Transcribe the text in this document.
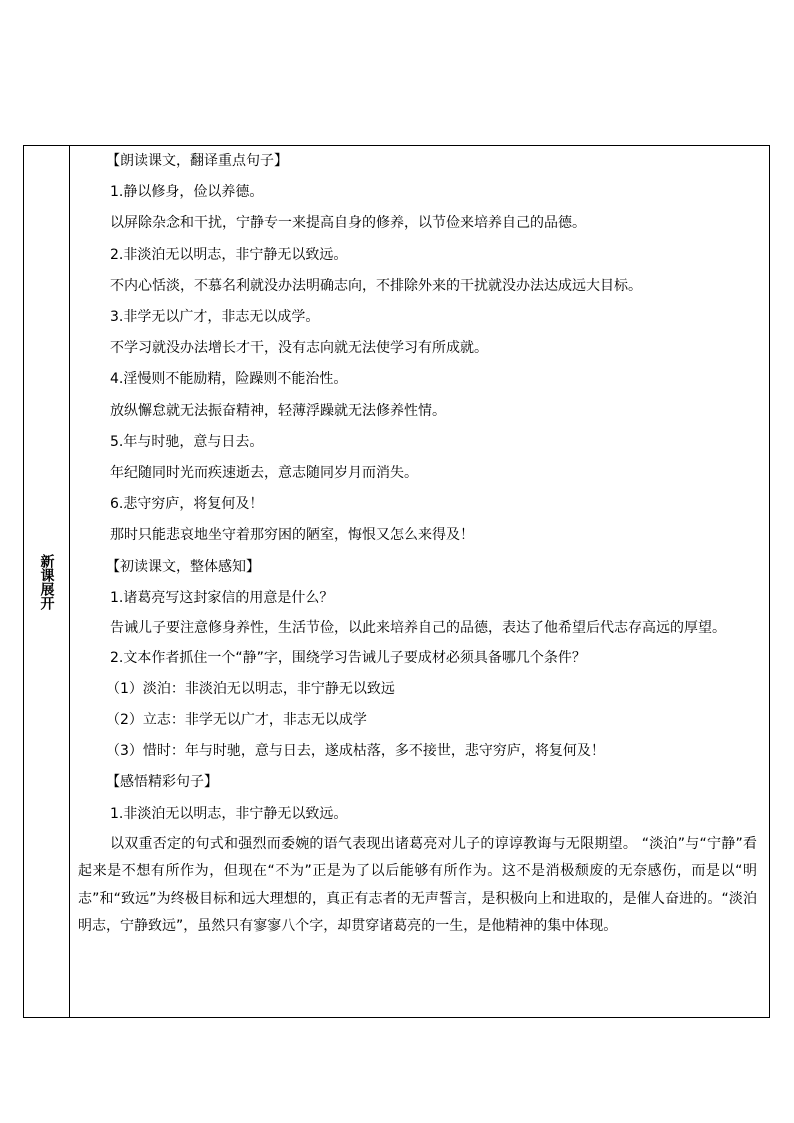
新课展开
【朗读课文，翻译重点句子】
1.静以修身，俭以养德。
以屏除杂念和干扰，宁静专一来提高自身的修养，以节俭来培养自己的品德。
2.非淡泊无以明志，非宁静无以致远。
不内心恬淡，不慕名利就没办法明确志向，不排除外来的干扰就没办法达成远大目标。
3.非学无以广才，非志无以成学。
不学习就没办法增长才干，没有志向就无法使学习有所成就。
4.淫慢则不能励精，险躁则不能治性。
放纵懈怠就无法振奋精神，轻薄浮躁就无法修养性情。
5.年与时驰，意与日去。
年纪随同时光而疾速逝去，意志随同岁月而消失。
6.悲守穷庐，将复何及！
那时只能悲哀地坐守着那穷困的陋室，悔恨又怎么来得及！
【初读课文，整体感知】
1.诸葛亮写这封家信的用意是什么？
告诫儿子要注意修身养性，生活节俭，以此来培养自己的品德，表达了他希望后代志存高远的厚望。
2.文本作者抓住一个“静”字，围绕学习告诫儿子要成材必须具备哪几个条件？
（1）淡泊：非淡泊无以明志，非宁静无以致远
（2）立志：非学无以广才，非志无以成学
（3）惜时：年与时驰，意与日去，遂成枯落，多不接世，悲守穷庐，将复何及！
【感悟精彩句子】
1.非淡泊无以明志，非宁静无以致远。
以双重否定的句式和强烈而委婉的语气表现出诸葛亮对儿子的谆谆教诲与无限期望。 “淡泊”与“宁静”看起来是不想有所作为，但现在“不为”正是为了以后能够有所作为。这不是消极颓废的无奈感伤，而是以“明志”和“致远”为终极目标和远大理想的，真正有志者的无声誓言，是积极向上和进取的，是催人奋进的。“淡泊明志，宁静致远”，虽然只有寥寥八个字，却贯穿诸葛亮的一生，是他精神的集中体现。
